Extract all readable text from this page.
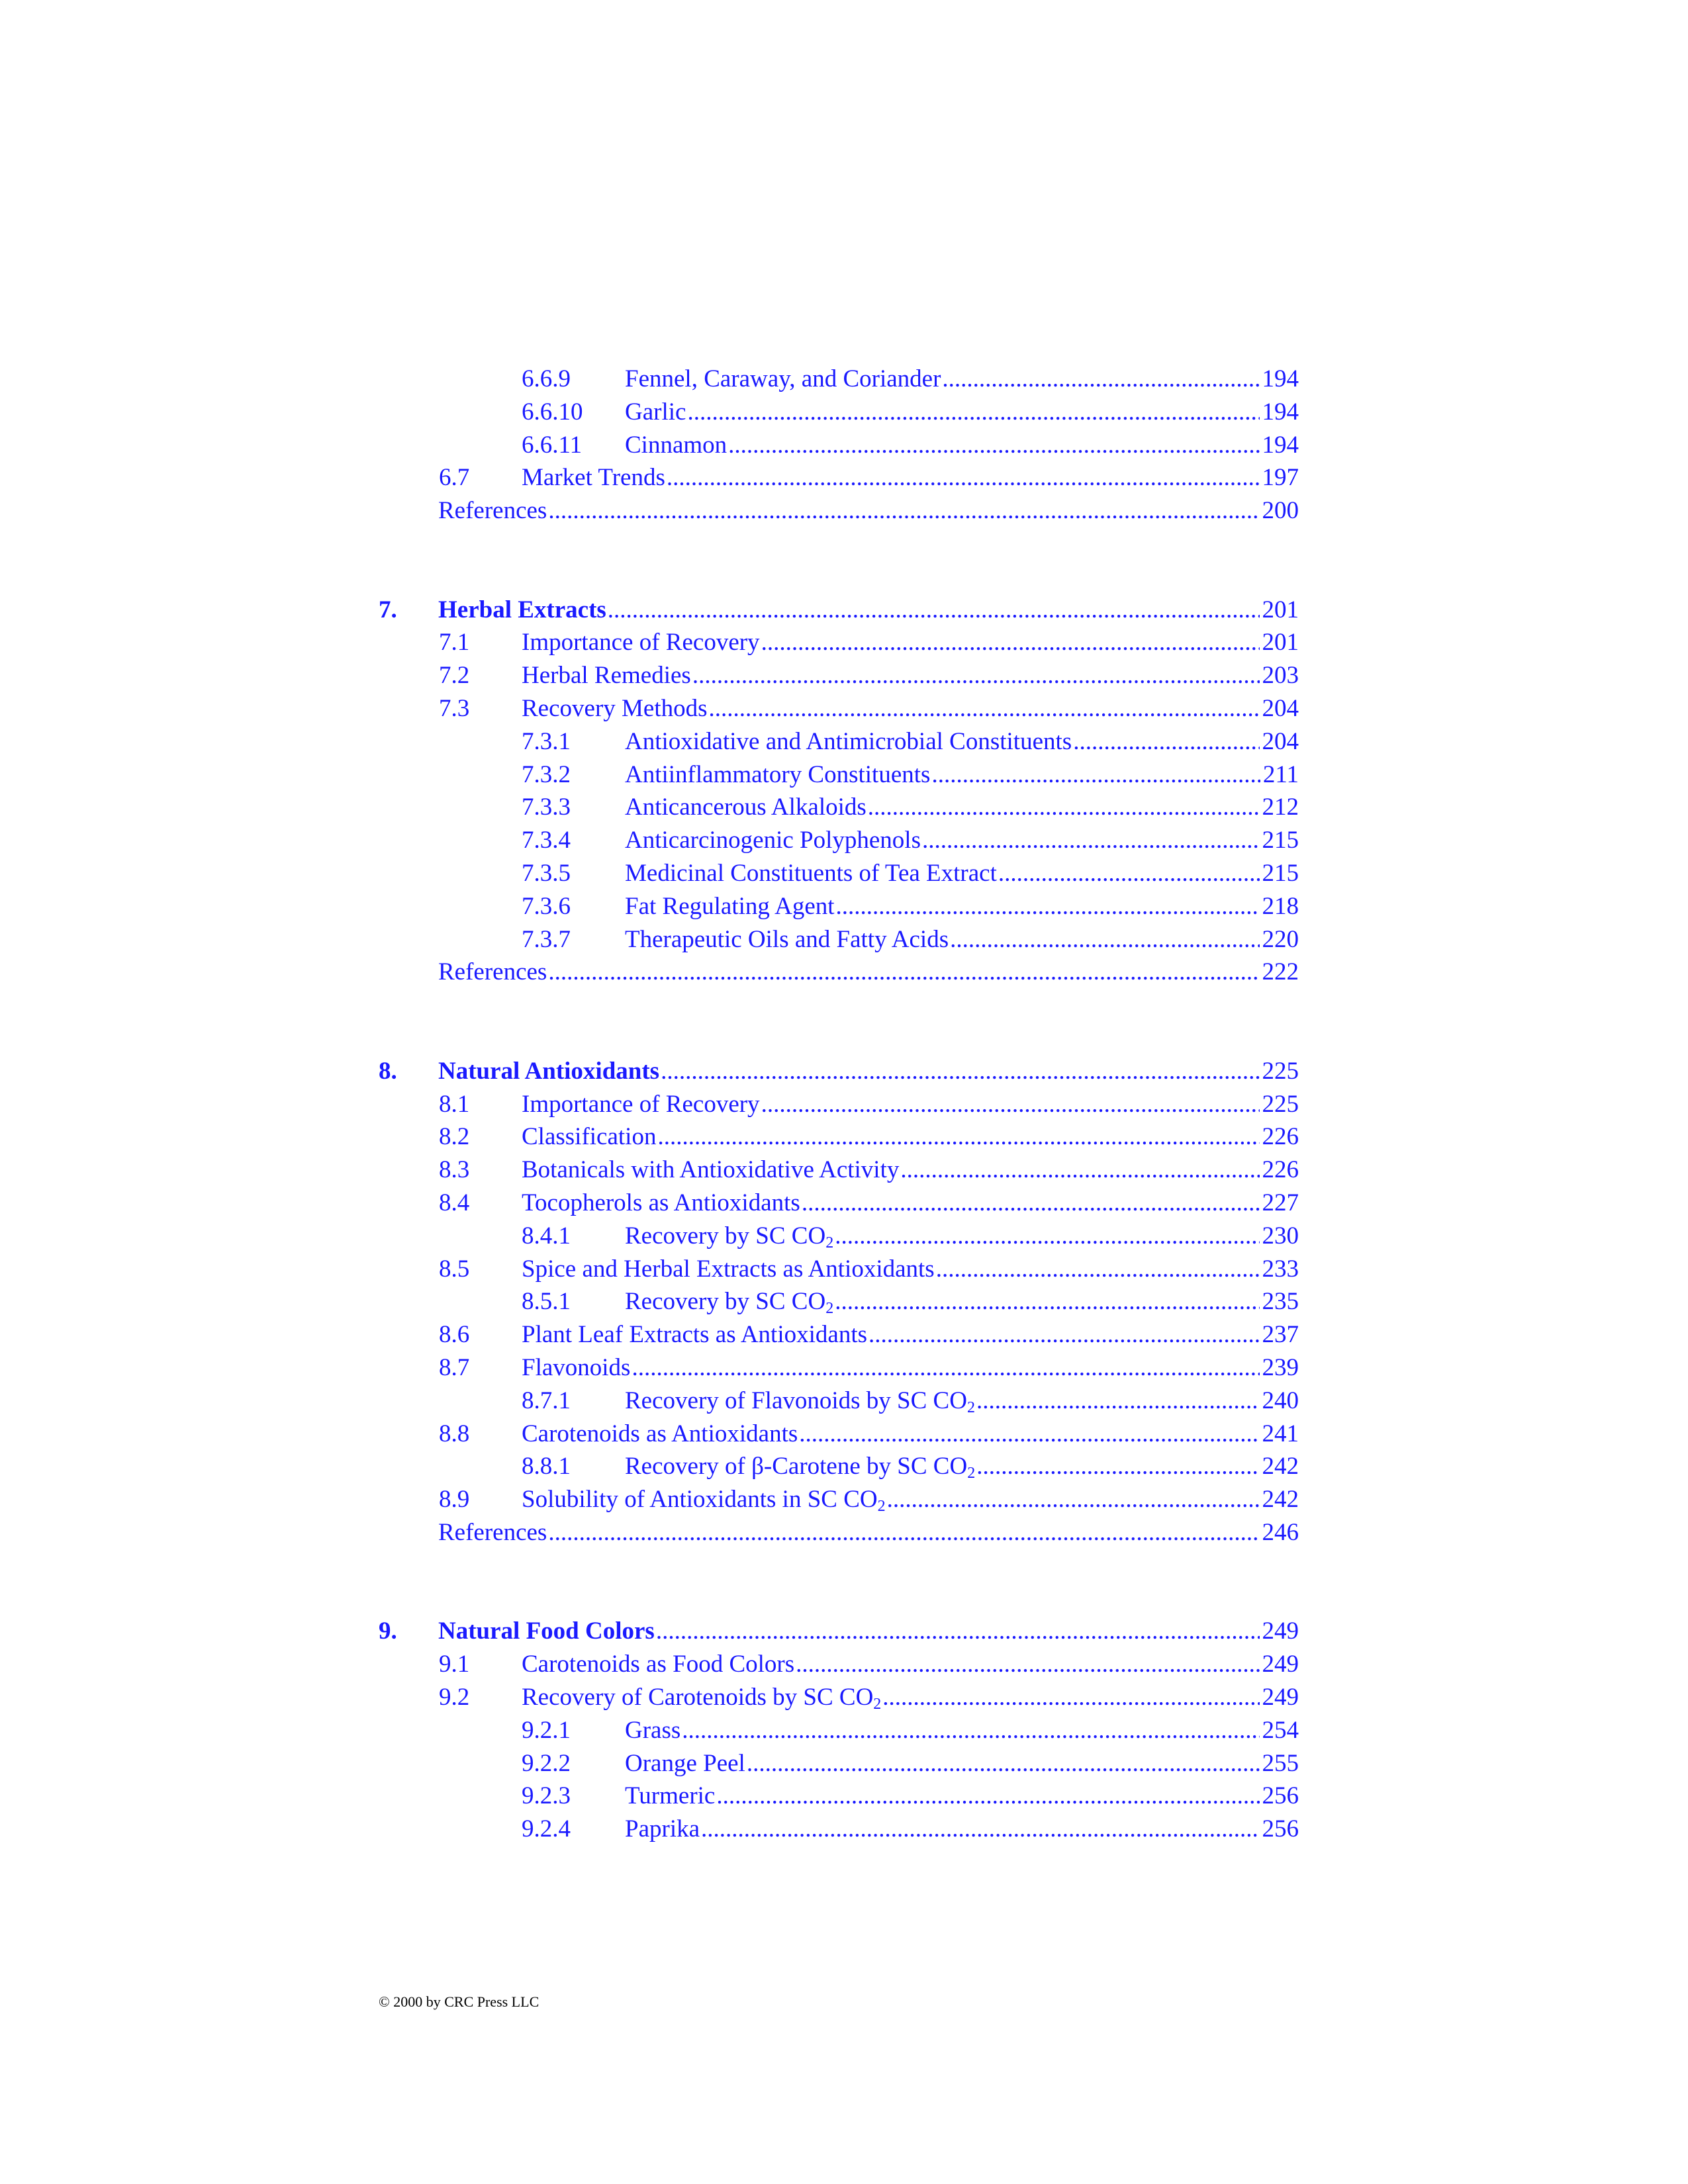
6.6.9 Fennel, Caraway, and Coriander .....	194
6.6.10 Garlic .....	194
6.6.11 Cinnamon .....	194
6.7 Market Trends .....	197
References .....	200
7. Herbal Extracts .....	201
7.1 Importance of Recovery .....	201
7.2 Herbal Remedies .....	203
7.3 Recovery Methods .....	204
7.3.1 Antioxidative and Antimicrobial Constituents .....	204
7.3.2 Antiinflammatory Constituents .....	211
7.3.3 Anticancerous Alkaloids .....	212
7.3.4 Anticarcinogenic Polyphenols .....	215
7.3.5 Medicinal Constituents of Tea Extract .....	215
7.3.6 Fat Regulating Agent .....	218
7.3.7 Therapeutic Oils and Fatty Acids .....	220
References .....	222
8. Natural Antioxidants .....	225
8.1 Importance of Recovery .....	225
8.2 Classification .....	226
8.3 Botanicals with Antioxidative Activity .....	226
8.4 Tocopherols as Antioxidants .....	227
8.4.1 Recovery by SC $CO_2$ .....	230
8.5 Spice and Herbal Extracts as Antioxidants .....	233
8.5.1 Recovery by SC $CO_2$ .....	235
8.6 Plant Leaf Extracts as Antioxidants .....	237
8.7 Flavonoids .....	239
8.7.1 Recovery of Flavonoids by SC $CO_2$ .....	240
8.8 Carotenoids as Antioxidants .....	241
8.8.1 Recovery of β-Carotene by SC $CO_2$ .....	242
8.9 Solubility of Antioxidants in SC $CO_2$ .....	242
References .....	246
9. Natural Food Colors .....	249
9.1 Carotenoids as Food Colors .....	249
9.2 Recovery of Carotenoids by SC $CO_2$ .....	249
9.2.1 Grass .....	254
9.2.2 Orange Peel .....	255
9.2.3 Turmeric .....	256
9.2.4 Paprika .....	256
© 2000 by CRC Press LLC
